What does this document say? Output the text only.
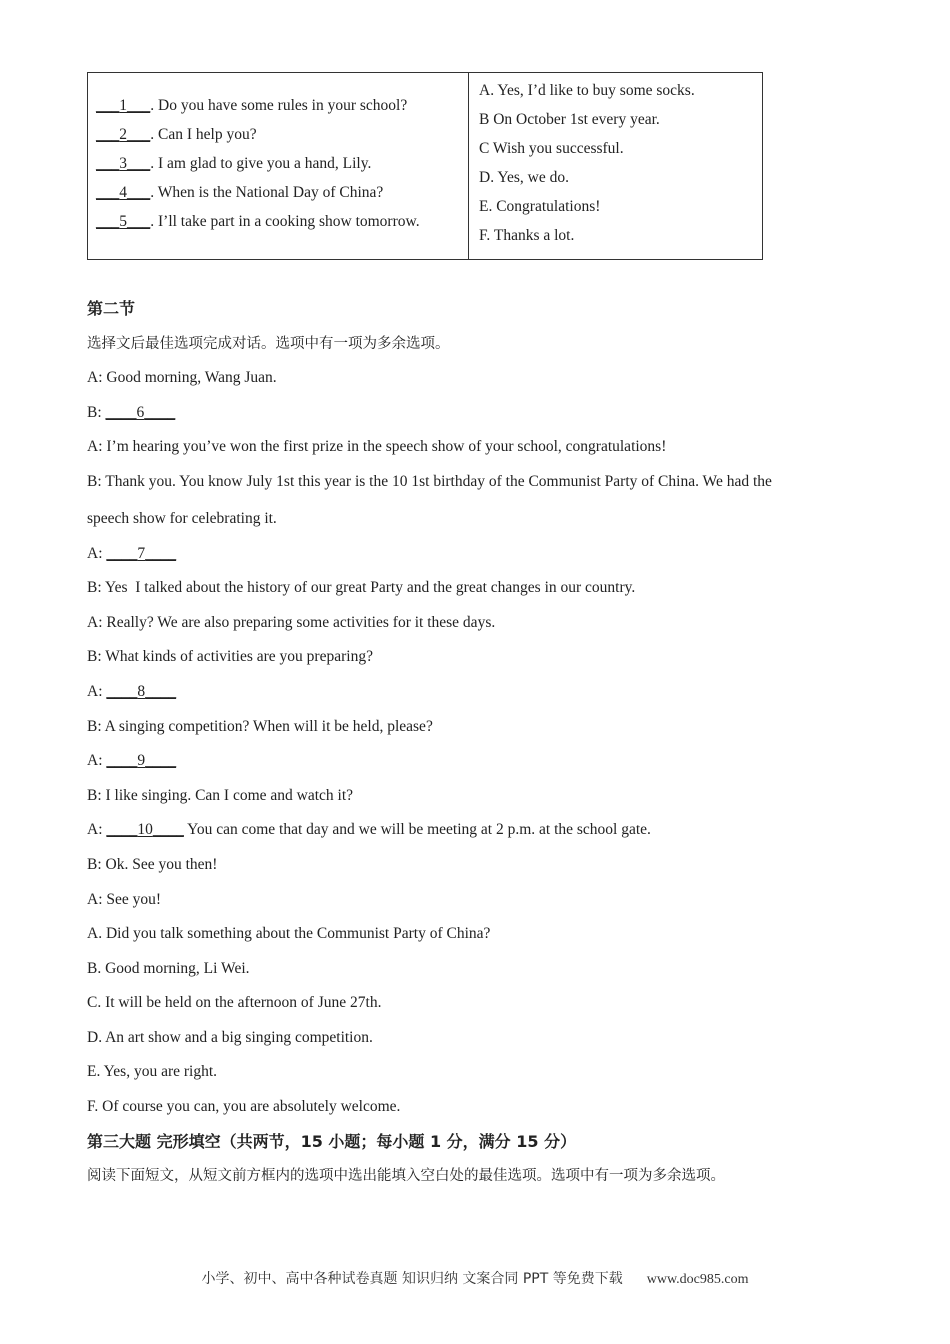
___1___. Do you have some rules in your school?
___2___. Can I help you?
___3___. I am glad to give you a hand, Lily.
___4___. When is the National Day of China?
___5___. I’ll take part in a cooking show tomorrow.
A. Yes, I’d like to buy some socks.
B On October 1st every year.
C Wish you successful.
D. Yes, we do.
E. Congratulations!
F. Thanks a lot.
第二节
选择文后最佳选项完成对话。选项中有一项为多余选项。
A: Good morning, Wang Juan.
B: ____6____
A: I’m hearing you’ve won the first prize in the speech show of your school, congratulations!
B: Thank you. You know July 1st this year is the 10 1st birthday of the Communist Party of China. We had the
speech show for celebrating it.
A: ____7____
B: Yes  I talked about the history of our great Party and the great changes in our country.
A: Really? We are also preparing some activities for it these days.
B: What kinds of activities are you preparing?
A: ____8____
B: A singing competition? When will it be held, please?
A: ____9____
B: I like singing. Can I come and watch it?
A: ____10____ You can come that day and we will be meeting at 2 p.m. at the school gate.
B: Ok. See you then!
A: See you!
A. Did you talk something about the Communist Party of China?
B. Good morning, Li Wei.
C. It will be held on the afternoon of June 27th.
D. An art show and a big singing competition.
E. Yes, you are right.
F. Of course you can, you are absolutely welcome.
第三大题 完形填空（共两节，15 小题；每小题 1 分，满分 15 分）
阅读下面短文，从短文前方框内的选项中选出能填入空白处的最佳选项。选项中有一项为多余选项。
小学、初中、高中各种试卷真题 知识归纳 文案合同 PPT 等免费下载 www.doc985.com
